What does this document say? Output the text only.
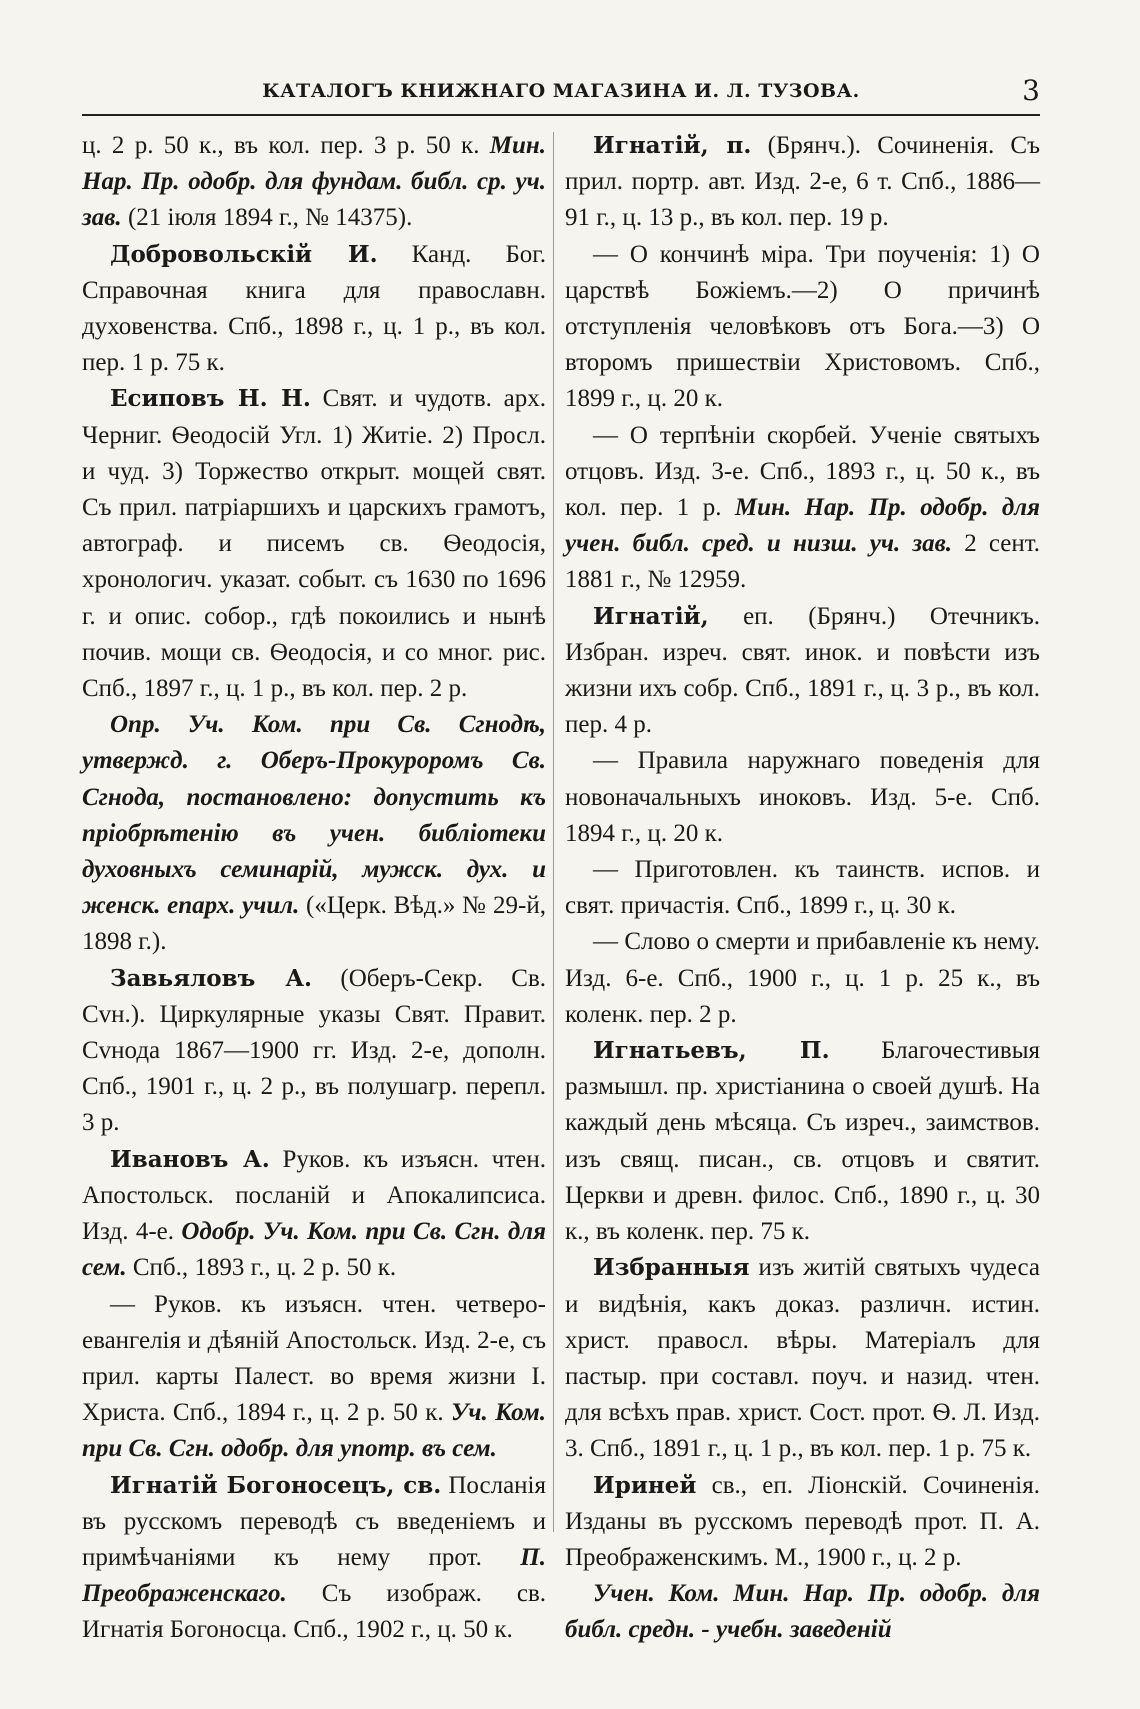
КАТАЛОГЪ КНИЖНАГО МАГАЗИНА И. Л. ТУЗОВА.	3

ц. 2 р. 50 к., въ кол. пер. 3 р. 50 к. Мин. Нар. Пр. одобр. для фундам. библ. ср. уч. зав. (21 іюля 1894 г., № 14375).

Добровольскій И. Канд. Бог. Справочная книга для православн. духовенства. Спб., 1898 г., ц. 1 р., въ кол. пер. 1 р. 75 к.

Есиповъ Н. Н. Свят. и чудотв. арх. Черниг. Ѳеодосій Угл. 1) Житіе. 2) Просл. и чуд. 3) Торжество открыт. мощей свят. Съ прил. патріаршихъ и царскихъ грамотъ, автограф. и писемъ св. Ѳеодосія, хронологич. указат. событ. съ 1630 по 1696 г. и опис. собор., гдѣ покоились и нынѣ почив. мощи св. Ѳеодосія, и со мног. рис. Спб., 1897 г., ц. 1 р., въ кол. пер. 2 р.

Опр. Уч. Ком. при Св. Сгнодѣ, утвержд. г. Оберъ-Прокуроромъ Св. Сгнода, постановлено: допустить къ пріобрѣтенію въ учен. библіотеки духовныхъ семинарій, мужск. дух. и женск. епарх. учил. («Церк. Вѣд.» № 29-й, 1898 г.).

Завьяловъ А. (Оберъ-Секр. Св. Сvн.). Циркулярные указы Свят. Правит. Сvнода 1867—1900 гг. Изд. 2-е, дополн. Спб., 1901 г., ц. 2 р., въ полушагр. перепл. 3 р.

Ивановъ А. Руков. къ изъясн. чтен. Апостольск. посланій и Апокалипсиса. Изд. 4-е. Одобр. Уч. Ком. при Св. Сгн. для сем. Спб., 1893 г., ц. 2 р. 50 к.

— Руков. къ изъясн. чтен. четверо-евангелія и дѣяній Апостольск. Изд. 2-е, съ прил. карты Палест. во время жизни І. Христа. Спб., 1894 г., ц. 2 р. 50 к. Уч. Ком. при Св. Сгн. одобр. для употр. въ сем.

Игнатій Богоносецъ, св. Посланія въ русскомъ переводѣ съ введеніемъ и примѣчаніями къ нему прот. П. Преображенскаго. Съ изображ. св. Игнатія Богоносца. Спб., 1902 г., ц. 50 к.

Игнатій, п. (Брянч.). Сочиненія. Съ прил. портр. авт. Изд. 2-е, 6 т. Спб., 1886—91 г., ц. 13 р., въ кол. пер. 19 р.

— О кончинѣ міра. Три поученія: 1) О царствѣ Божіемъ.—2) О причинѣ отступленія человѣковъ отъ Бога.—3) О второмъ пришествіи Христовомъ. Спб., 1899 г., ц. 20 к.

— О терпѣніи скорбей. Ученіе святыхъ отцовъ. Изд. 3-е. Спб., 1893 г., ц. 50 к., въ кол. пер. 1 р. Мин. Нар. Пр. одобр. для учен. библ. сред. и низш. уч. зав. 2 сент. 1881 г., № 12959.

Игнатій, еп. (Брянч.) Отечникъ. Избран. изреч. свят. инок. и повѣсти изъ жизни ихъ собр. Спб., 1891 г., ц. 3 р., въ кол. пер. 4 р.

— Правила наружнаго поведенія для новоначальныхъ иноковъ. Изд. 5-е. Спб. 1894 г., ц. 20 к.

— Приготовлен. къ таинств. испов. и свят. причастія. Спб., 1899 г., ц. 30 к.

— Слово о смерти и прибавленіе къ нему. Изд. 6-е. Спб., 1900 г., ц. 1 р. 25 к., въ коленк. пер. 2 р.

Игнатьевъ, П. Благочестивыя размышл. пр. христіанина о своей душѣ. На каждый день мѣсяца. Съ изреч., заимствов. изъ свящ. писан., св. отцовъ и святит. Церкви и древн. филос. Спб., 1890 г., ц. 30 к., въ коленк. пер. 75 к.

Избранныя изъ житій святыхъ чудеса и видѣнія, какъ доказ. различн. истин. христ. правосл. вѣры. Матеріалъ для пастыр. при составл. поуч. и назид. чтен. для всѣхъ прав. христ. Сост. прот. Ѳ. Л. Изд. 3. Спб., 1891 г., ц. 1 р., въ кол. пер. 1 р. 75 к.

Ириней св., еп. Ліонскій. Сочиненія. Изданы въ русскомъ переводѣ прот. П. А. Преображенскимъ. М., 1900 г., ц. 2 р.

Учен. Ком. Мин. Нар. Пр. одобр. для библ. средн. - учебн. заведеній
